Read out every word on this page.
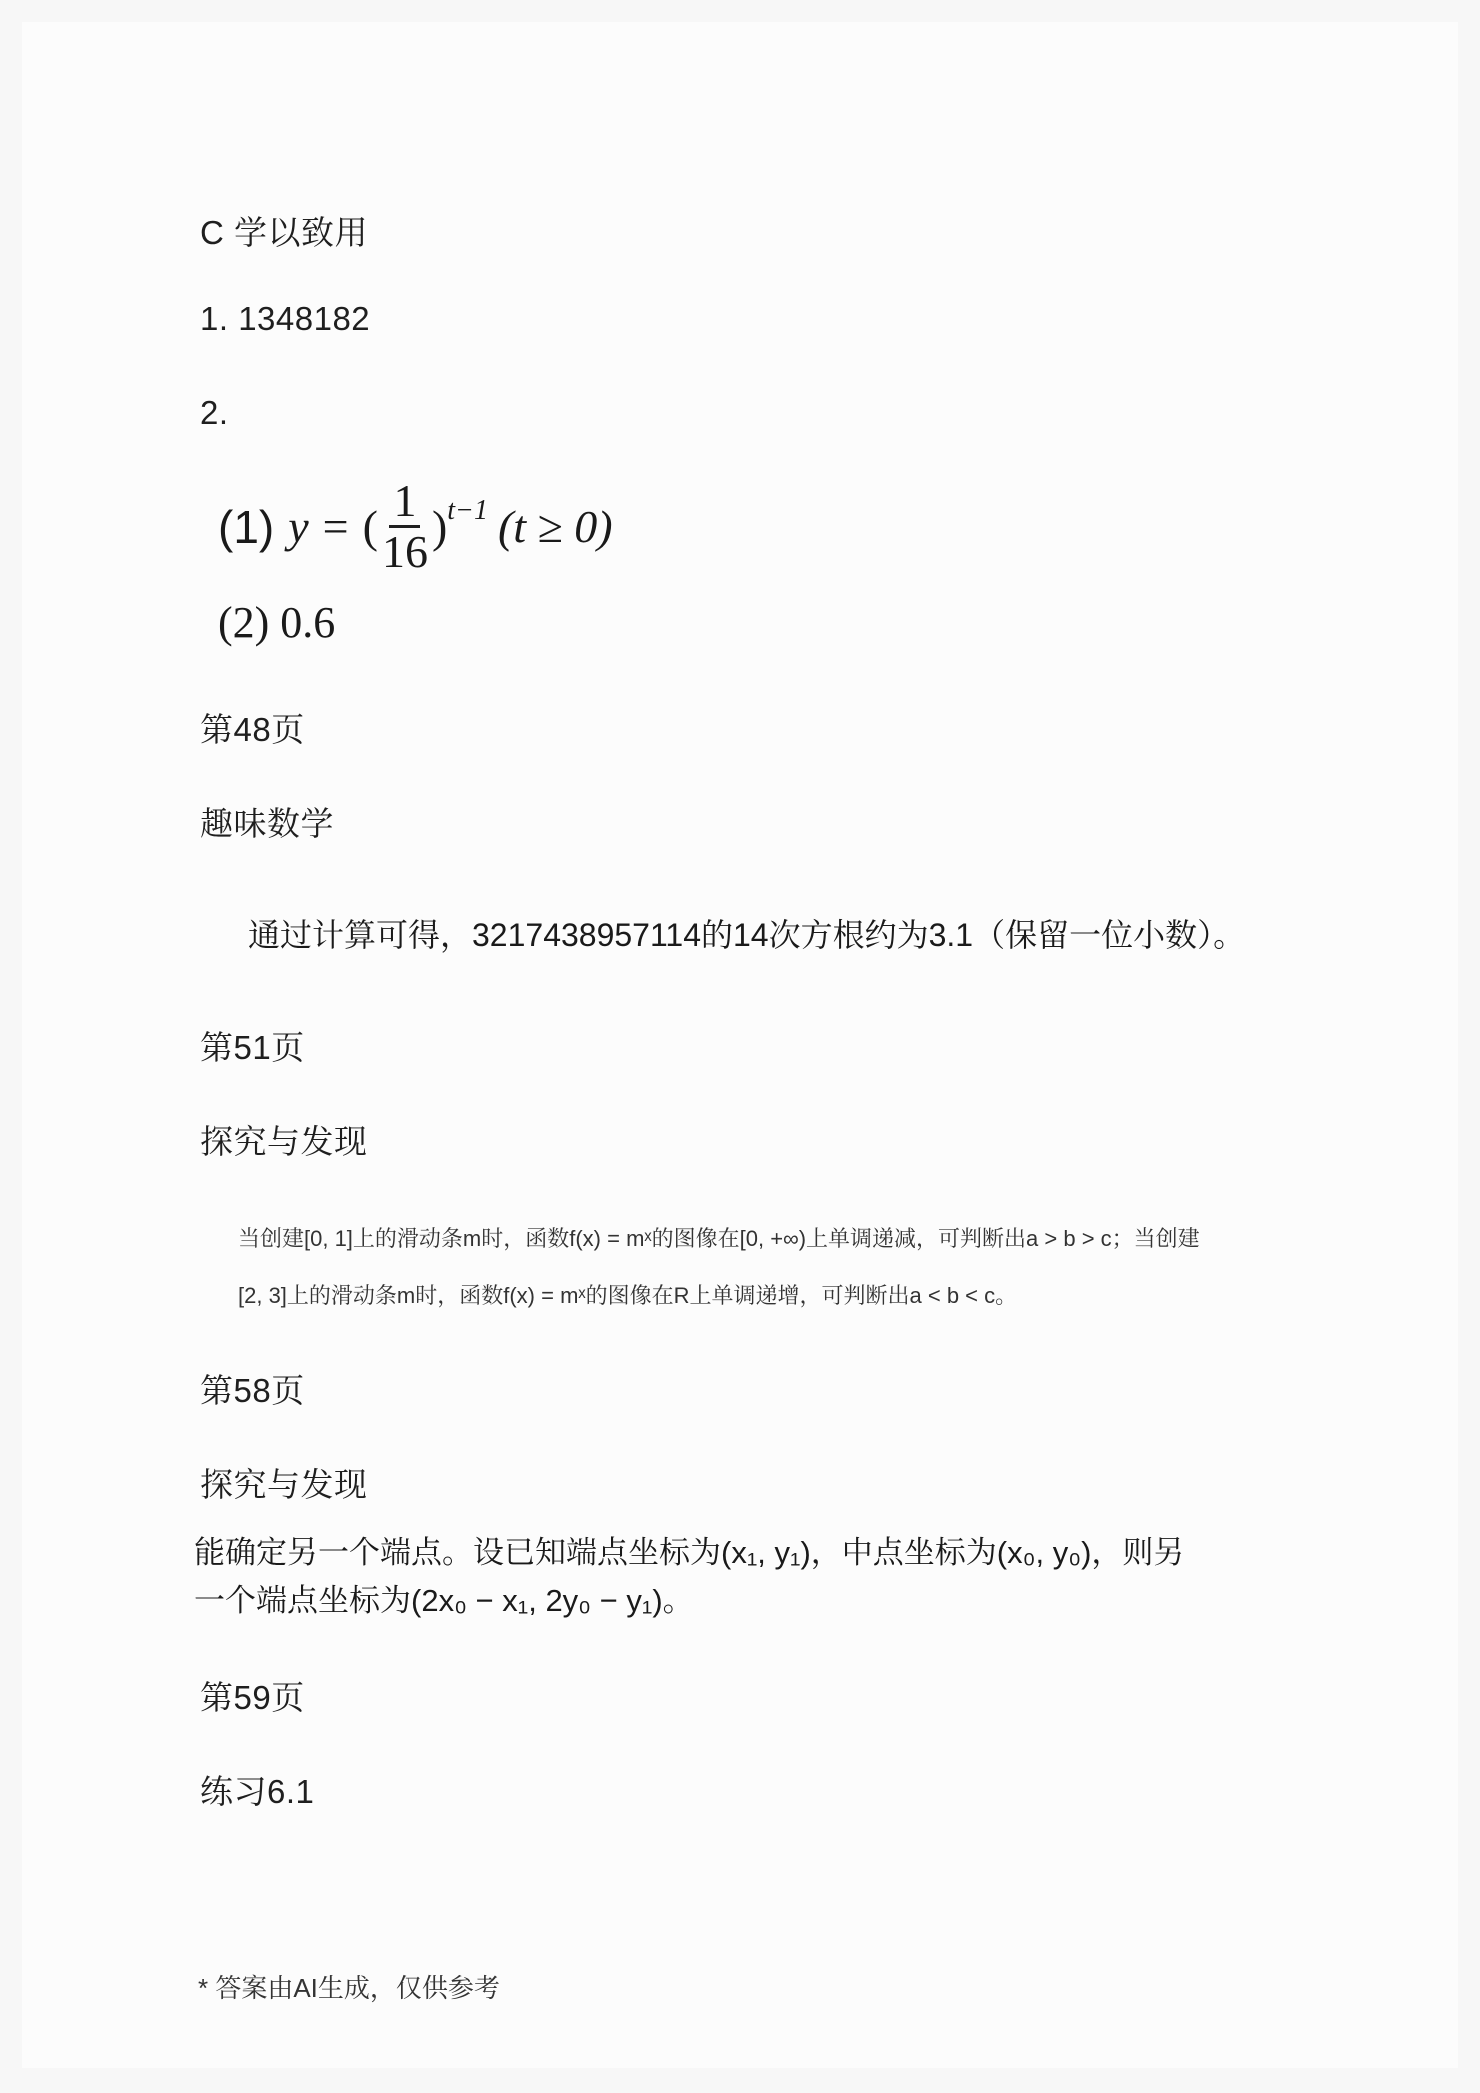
C 学以致用
1. 1348182
2.
(1) y = ( $\frac{1}{16}$ ) t−1 (t ≥ 0)
(2) 0.6
第48页
趣味数学
通过计算可得，3217438957114的14次方根约为3.1（保留一位小数）。
第51页
探究与发现
当创建[0, 1]上的滑动条m时，函数f(x) = mˣ的图像在[0, +∞)上单调递减，可判断出a > b > c；当创建
[2, 3]上的滑动条m时，函数f(x) = mˣ的图像在R上单调递增，可判断出a < b < c。
第58页
探究与发现
能确定另一个端点。设已知端点坐标为(x₁, y₁)，中点坐标为(x₀, y₀)，则另
一个端点坐标为(2x₀ − x₁, 2y₀ − y₁)。
第59页
练习6.1
* 答案由AI生成，仅供参考
